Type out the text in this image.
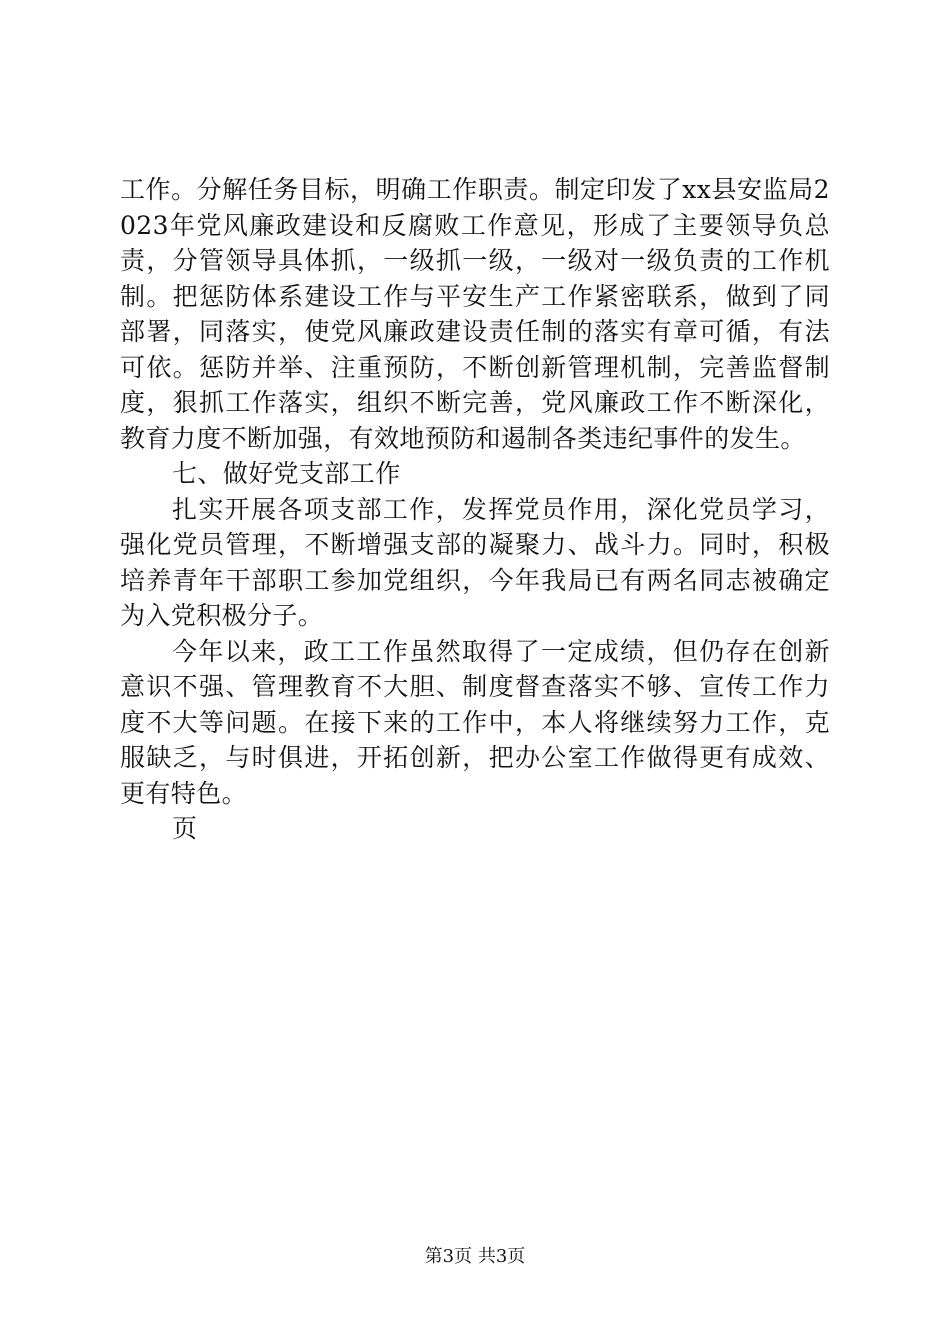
工作。分解任务目标，明确工作职责。制定印发了xx县安监局2023年党风廉政建设和反腐败工作意见，形成了主要领导负总责，分管领导具体抓，一级抓一级，一级对一级负责的工作机制。把惩防体系建设工作与平安生产工作紧密联系，做到了同部署，同落实，使党风廉政建设责任制的落实有章可循，有法可依。惩防并举、注重预防，不断创新管理机制，完善监督制度，狠抓工作落实，组织不断完善，党风廉政工作不断深化，教育力度不断加强，有效地预防和遏制各类违纪事件的发生。

七、做好党支部工作

扎实开展各项支部工作，发挥党员作用，深化党员学习，强化党员管理，不断增强支部的凝聚力、战斗力。同时，积极培养青年干部职工参加党组织，今年我局已有两名同志被确定为入党积极分子。

今年以来，政工工作虽然取得了一定成绩，但仍存在创新意识不强、管理教育不大胆、制度督查落实不够、宣传工作力度不大等问题。在接下来的工作中，本人将继续努力工作，克服缺乏，与时俱进，开拓创新，把办公室工作做得更有成效、更有特色。

页

第3页 共3页
